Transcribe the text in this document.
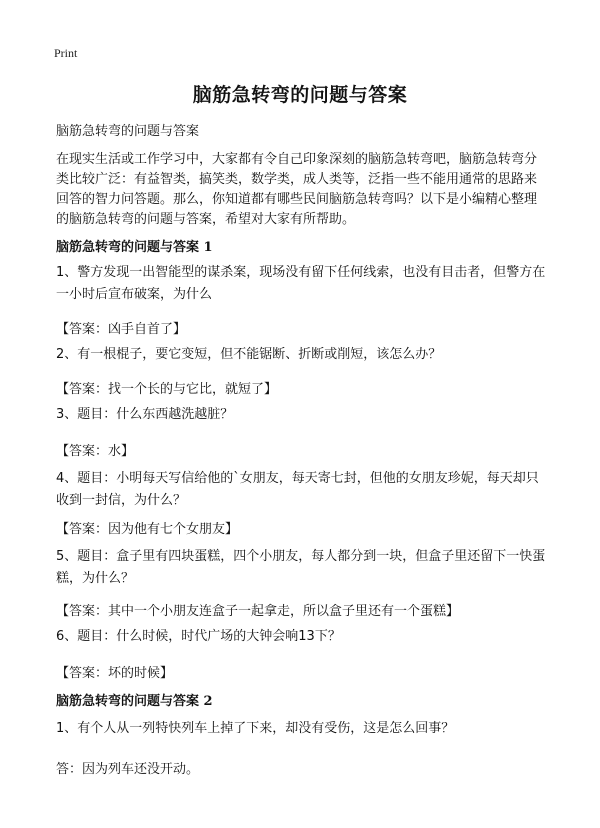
Print
脑筋急转弯的问题与答案
脑筋急转弯的问题与答案

在现实生活或工作学习中，大家都有令自己印象深刻的脑筋急转弯吧，脑筋急转弯分类比较广泛：有益智类，搞笑类，数学类，成人类等，泛指一些不能用通常的思路来回答的智力问答题。那么，你知道都有哪些民间脑筋急转弯吗？以下是小编精心整理的脑筋急转弯的问题与答案，希望对大家有所帮助。

脑筋急转弯的问题与答案 1

1、警方发现一出智能型的谋杀案，现场没有留下任何线索，也没有目击者，但警方在一小时后宣布破案，为什么

【答案：凶手自首了】

2、有一根棍子，要它变短，但不能锯断、折断或削短，该怎么办？

【答案：找一个长的与它比，就短了】

3、题目：什么东西越洗越脏？

【答案：水】

4、题目：小明每天写信给他的`女朋友，每天寄七封，但他的女朋友珍妮，每天却只收到一封信，为什么？

【答案：因为他有七个女朋友】

5、题目：盒子里有四块蛋糕，四个小朋友，每人都分到一块，但盒子里还留下一快蛋糕，为什么？

【答案：其中一个小朋友连盒子一起拿走，所以盒子里还有一个蛋糕】

6、题目：什么时候，时代广场的大钟会响13下？

【答案：坏的时候】
脑筋急转弯的问题与答案 2

1、有个人从一列特快列车上掉了下来，却没有受伤，这是怎么回事？

答：因为列车还没开动。
